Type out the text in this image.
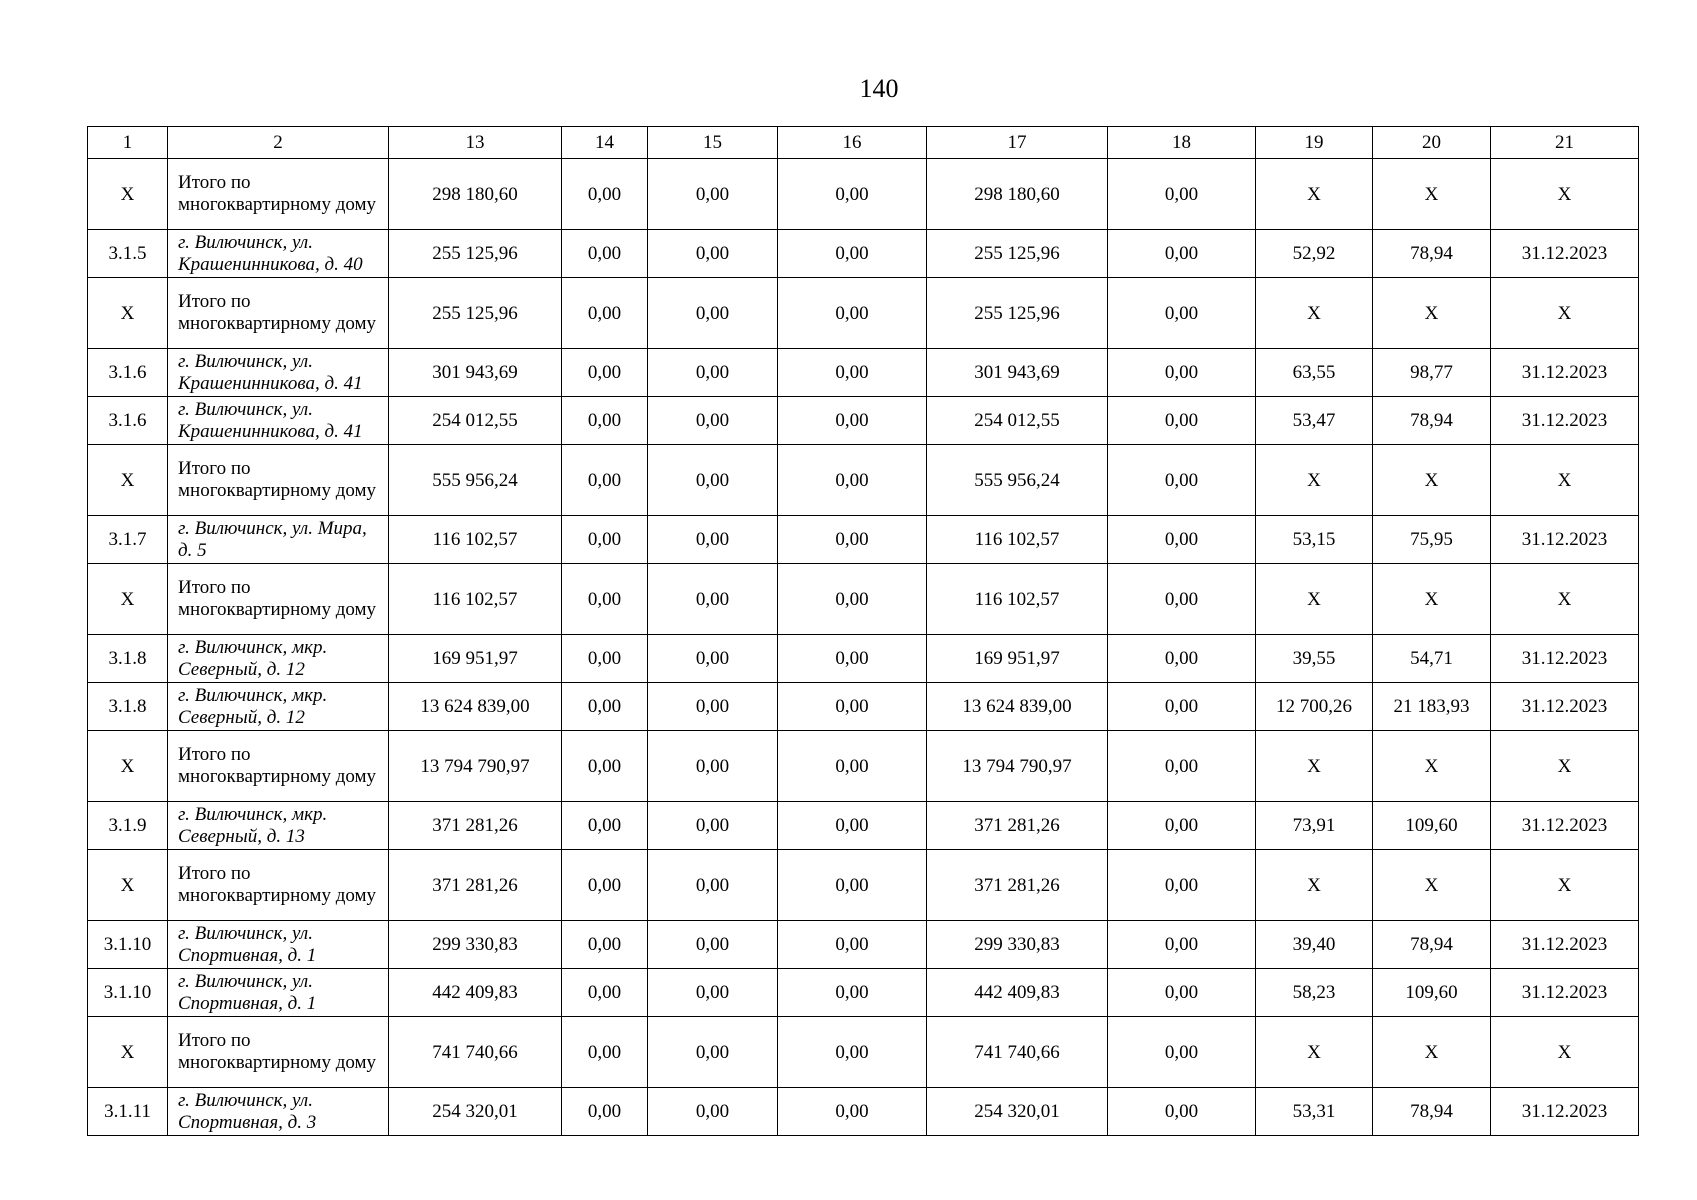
140
1	2	13	14	15	16	17	18	19	20	21
Х	Итого по многоквартирному дому	298 180,60	0,00	0,00	0,00	298 180,60	0,00	Х	Х	Х
3.1.5	г. Вилючинск, ул. Крашенинникова, д. 40	255 125,96	0,00	0,00	0,00	255 125,96	0,00	52,92	78,94	31.12.2023
Х	Итого по многоквартирному дому	255 125,96	0,00	0,00	0,00	255 125,96	0,00	Х	Х	Х
3.1.6	г. Вилючинск, ул. Крашенинникова, д. 41	301 943,69	0,00	0,00	0,00	301 943,69	0,00	63,55	98,77	31.12.2023
3.1.6	г. Вилючинск, ул. Крашенинникова, д. 41	254 012,55	0,00	0,00	0,00	254 012,55	0,00	53,47	78,94	31.12.2023
Х	Итого по многоквартирному дому	555 956,24	0,00	0,00	0,00	555 956,24	0,00	Х	Х	Х
3.1.7	г. Вилючинск, ул. Мира, д. 5	116 102,57	0,00	0,00	0,00	116 102,57	0,00	53,15	75,95	31.12.2023
Х	Итого по многоквартирному дому	116 102,57	0,00	0,00	0,00	116 102,57	0,00	Х	Х	Х
3.1.8	г. Вилючинск, мкр. Северный, д. 12	169 951,97	0,00	0,00	0,00	169 951,97	0,00	39,55	54,71	31.12.2023
3.1.8	г. Вилючинск, мкр. Северный, д. 12	13 624 839,00	0,00	0,00	0,00	13 624 839,00	0,00	12 700,26	21 183,93	31.12.2023
Х	Итого по многоквартирному дому	13 794 790,97	0,00	0,00	0,00	13 794 790,97	0,00	Х	Х	Х
3.1.9	г. Вилючинск, мкр. Северный, д. 13	371 281,26	0,00	0,00	0,00	371 281,26	0,00	73,91	109,60	31.12.2023
Х	Итого по многоквартирному дому	371 281,26	0,00	0,00	0,00	371 281,26	0,00	Х	Х	Х
3.1.10	г. Вилючинск, ул. Спортивная, д. 1	299 330,83	0,00	0,00	0,00	299 330,83	0,00	39,40	78,94	31.12.2023
3.1.10	г. Вилючинск, ул. Спортивная, д. 1	442 409,83	0,00	0,00	0,00	442 409,83	0,00	58,23	109,60	31.12.2023
Х	Итого по многоквартирному дому	741 740,66	0,00	0,00	0,00	741 740,66	0,00	Х	Х	Х
3.1.11	г. Вилючинск, ул. Спортивная, д. 3	254 320,01	0,00	0,00	0,00	254 320,01	0,00	53,31	78,94	31.12.2023
